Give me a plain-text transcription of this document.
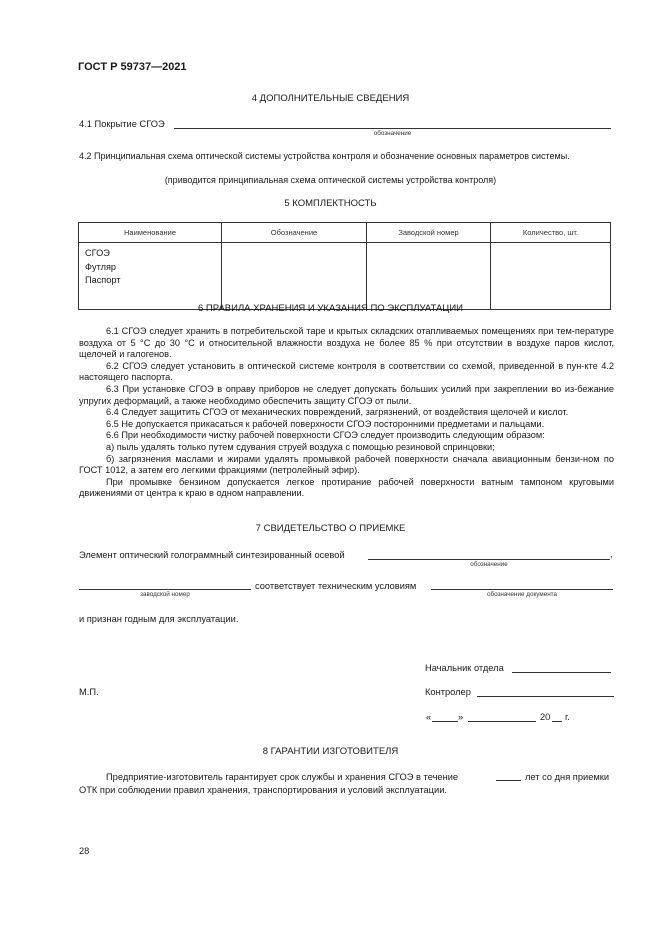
ГОСТ Р 59737—2021
4 ДОПОЛНИТЕЛЬНЫЕ СВЕДЕНИЯ
4.1 Покрытие СГОЭ
обозначение
4.2 Принципиальная схема оптической системы устройства контроля и обозначение основных параметров системы.
(приводится принципиальная схема оптической системы устройства контроля)
5 КОМПЛЕКТНОСТЬ
Наименование	Обозначение	Заводской номер	Количество, шт.

СГОЭ
Футляр
Паспорт			

6 ПРАВИЛА ХРАНЕНИЯ И УКАЗАНИЯ ПО ЭКСПЛУАТАЦИИ

6.1 СГОЭ следует хранить в потребительской таре и крытых складских отапливаемых помещениях при тем-пературе воздуха от 5 °С до 30 °С и относительной влажности воздуха не более 85 % при отсутствии в воздухе паров кислот, щелочей и галогенов.

6.2 СГОЭ следует установить в оптической системе контроля в соответствии со схемой, приведенной в пун-кте 4.2 настоящего паспорта.

6.3 При установке СГОЭ в оправу приборов не следует допускать больших усилий при закреплении во из-бежание упругих деформаций, а также необходимо обеспечить защиту СГОЭ от пыли.

6.4 Следует защитить СГОЭ от механических повреждений, загрязнений, от воздействия щелочей и кислот.

6.5 Не допускается прикасаться к рабочей поверхности СГОЭ посторонними предметами и пальцами.

6.6 При необходимости чистку рабочей поверхности СГОЭ следует производить следующим образом:

а) пыль удалять только путем сдувания струей воздуха с помощью резиновой спринцовки;

б) загрязнения маслами и жирами удалять промывкой рабочей поверхности сначала авиационным бензи-ном по ГОСТ 1012, а затем его легкими фракциями (петролейный эфир).

При промывке бензином допускается легкое протирание рабочей поверхности ватным тампоном круговыми движениями от центра к краю в одном направлении.

7 СВИДЕТЕЛЬСТВО О ПРИЕМКЕ
Элемент оптический голограммный синтезированный осевой	,
обозначение
соответствует техническим условиям
заводской номер	обозначение документа
и признан годным для эксплуатации.
Начальник отдела
М.П.	Контролер
«	»	20 г.
8 ГАРАНТИИ ИЗГОТОВИТЕЛЯ
Предприятие-изготовитель гарантирует срок службы и хранения СГОЭ в течение	лет со дня приемки
ОТК при соблюдении правил хранения, транспортирования и условий эксплуатации.
28
